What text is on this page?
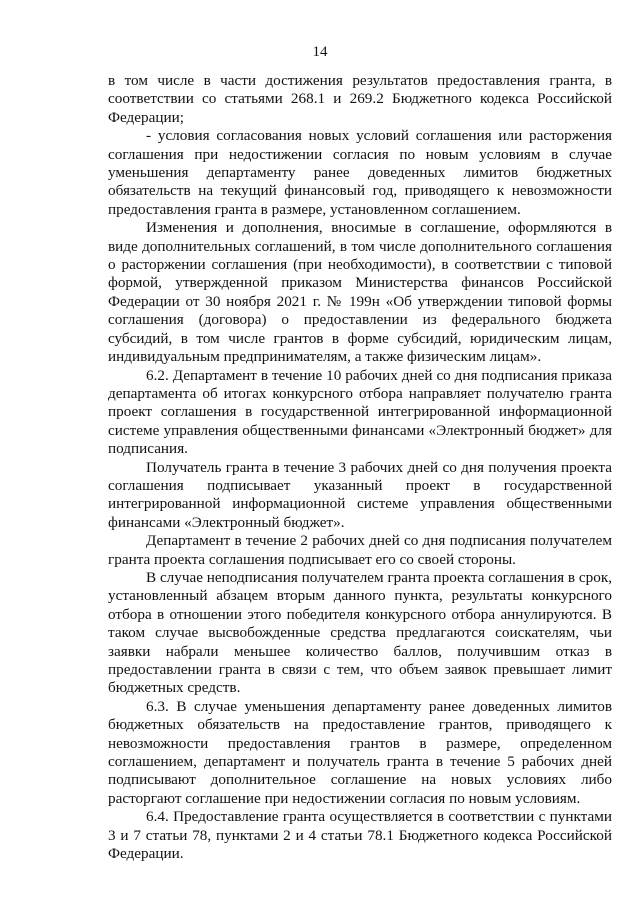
14

в том числе в части достижения результатов предоставления гранта, в соответствии со статьями 268.1 и 269.2 Бюджетного кодекса Российской Федерации;

- условия согласования новых условий соглашения или расторжения соглашения при недостижении согласия по новым условиям в случае уменьшения департаменту ранее доведенных лимитов бюджетных обязательств на текущий финансовый год, приводящего к невозможности предоставления гранта в размере, установленном соглашением.

Изменения и дополнения, вносимые в соглашение, оформляются в виде дополнительных соглашений, в том числе дополнительного соглашения о расторжении соглашения (при необходимости), в соответствии с типовой формой, утвержденной приказом Министерства финансов Российской Федерации от 30 ноября 2021 г. № 199н «Об утверждении типовой формы соглашения (договора) о предоставлении из федерального бюджета субсидий, в том числе грантов в форме субсидий, юридическим лицам, индивидуальным предпринимателям, а также физическим лицам».

6.2. Департамент в течение 10 рабочих дней со дня подписания приказа департамента об итогах конкурсного отбора направляет получателю гранта проект соглашения в государственной интегрированной информационной системе управления общественными финансами «Электронный бюджет» для подписания.

Получатель гранта в течение 3 рабочих дней со дня получения проекта соглашения подписывает указанный проект в государственной интегрированной информационной системе управления общественными финансами «Электронный бюджет».

Департамент в течение 2 рабочих дней со дня подписания получателем гранта проекта соглашения подписывает его со своей стороны.

В случае неподписания получателем гранта проекта соглашения в срок, установленный абзацем вторым данного пункта, результаты конкурсного отбора в отношении этого победителя конкурсного отбора аннулируются. В таком случае высвобожденные средства предлагаются соискателям, чьи заявки набрали меньшее количество баллов, получившим отказ в предоставлении гранта в связи с тем, что объем заявок превышает лимит бюджетных средств.

6.3. В случае уменьшения департаменту ранее доведенных лимитов бюджетных обязательств на предоставление грантов, приводящего к невозможности предоставления грантов в размере, определенном соглашением, департамент и получатель гранта в течение 5 рабочих дней подписывают дополнительное соглашение на новых условиях либо расторгают соглашение при недостижении согласия по новым условиям.

6.4. Предоставление гранта осуществляется в соответствии с пунктами 3 и 7 статьи 78, пунктами 2 и 4 статьи 78.1 Бюджетного кодекса Российской Федерации.
